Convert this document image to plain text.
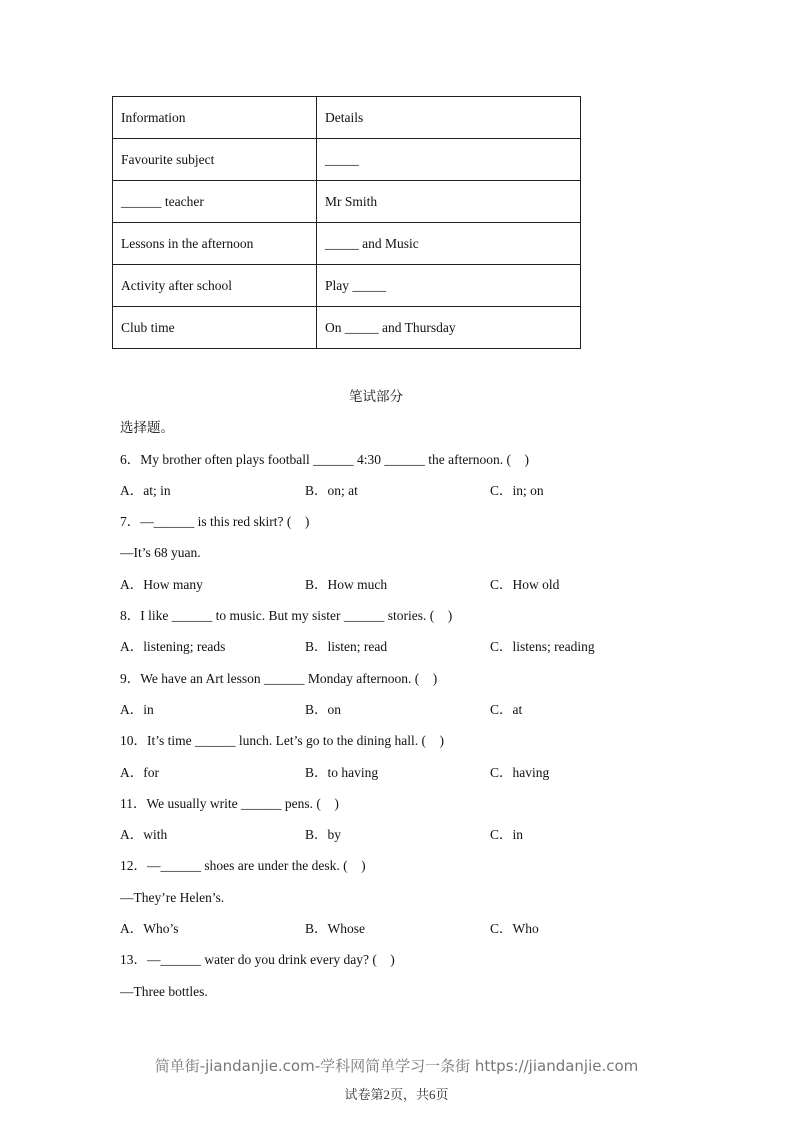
Information	Details
Favourite subject	_____
______ teacher	Mr Smith
Lessons in the afternoon	_____ and Music
Activity after school	Play _____
Club time	On _____ and Thursday
笔试部分
选择题。
6．My brother often plays football ______ 4:30 ______ the afternoon. (    )
A．at; in	B．on; at	C．in; on
7．—______ is this red skirt? (    )
—It’s 68 yuan.
A．How many	B．How much	C．How old
8．I like ______ to music. But my sister ______ stories. (    )
A．listening; reads	B．listen; read	C．listens; reading
9．We have an Art lesson ______ Monday afternoon. (    )
A．in	B．on	C．at
10．It’s time ______ lunch. Let’s go to the dining hall. (    )
A．for	B．to having	C．having
11．We usually write ______ pens. (    )
A．with	B．by	C．in
12．—______ shoes are under the desk. (    )
—They’re Helen’s.
A．Who’s	B．Whose	C．Who
13．—______ water do you drink every day? (    )
—Three bottles.
简单街-jiandanjie.com-学科网简单学习一条街 https://jiandanjie.com
试卷第2页，共6页
